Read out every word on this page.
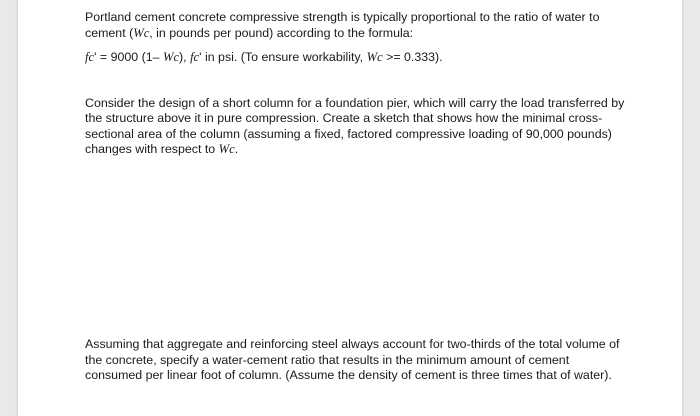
Portland cement concrete compressive strength is typically proportional to the ratio of water to cement (Wc, in pounds per pound) according to the formula:

fc' = 9000 (1– Wc), fc' in psi. (To ensure workability, Wc >= 0.333).

Consider the design of a short column for a foundation pier, which will carry the load transferred by the structure above it in pure compression. Create a sketch that shows how the minimal cross-sectional area of the column (assuming a fixed, factored compressive loading of 90,000 pounds) changes with respect to Wc.

Assuming that aggregate and reinforcing steel always account for two-thirds of the total volume of the concrete, specify a water-cement ratio that results in the minimum amount of cement consumed per linear foot of column. (Assume the density of cement is three times that of water).
